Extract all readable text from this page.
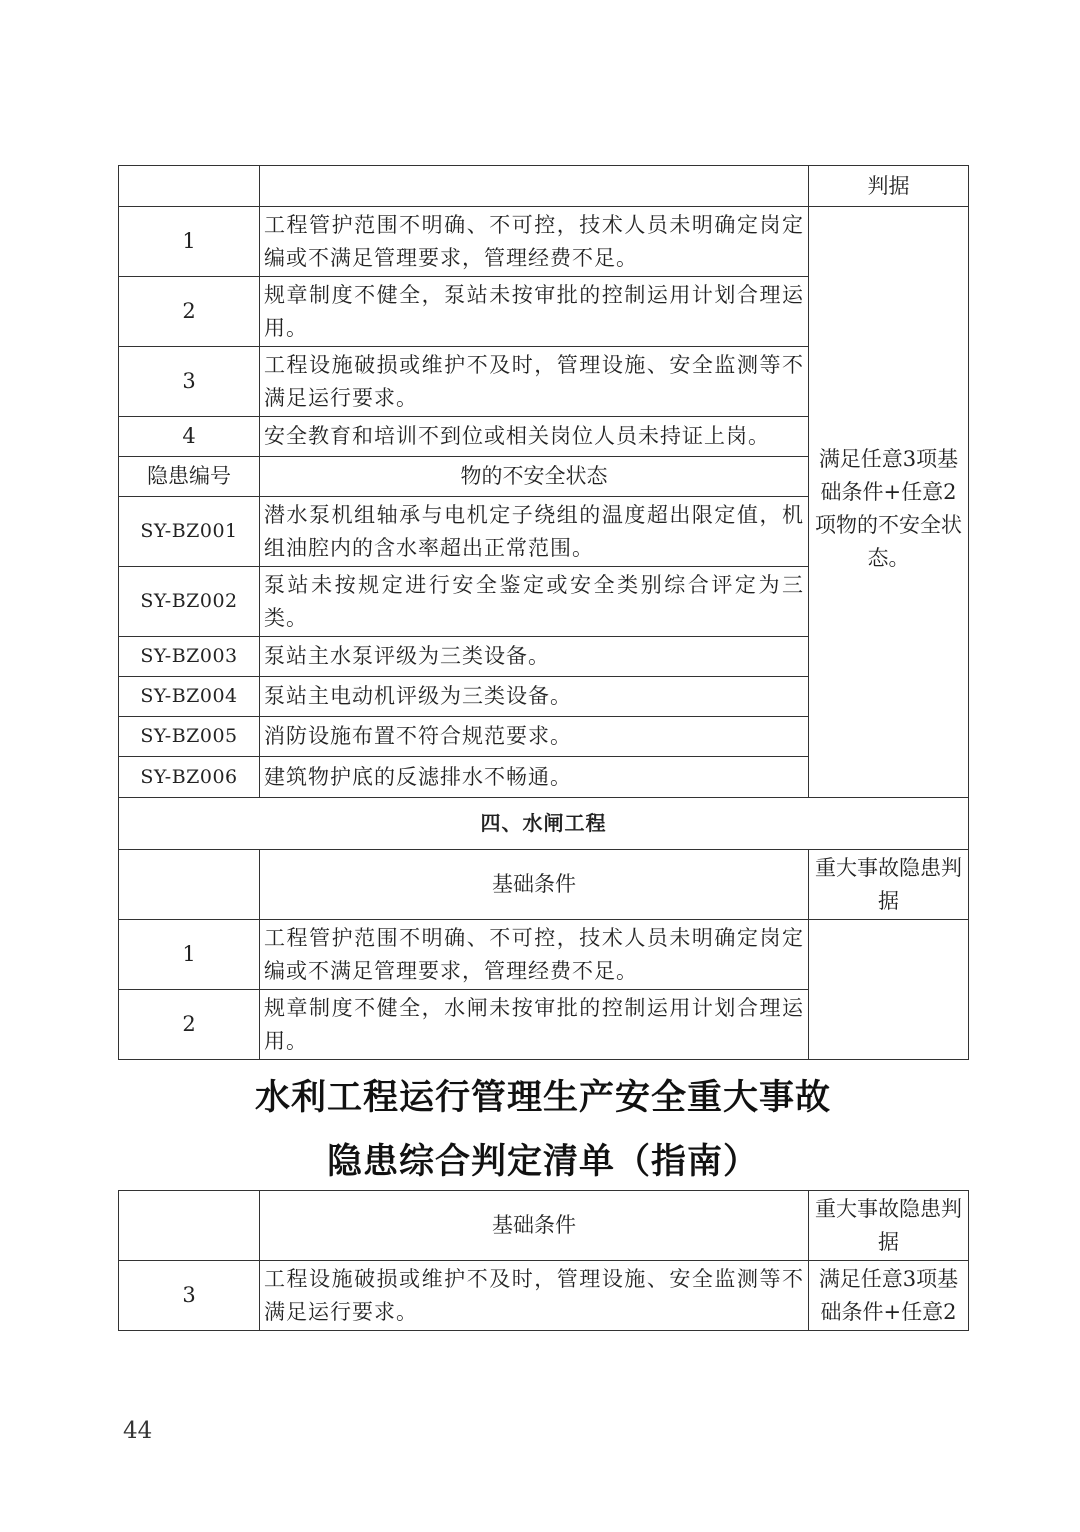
		判据
1	工程管护范围不明确、不可控，技术人员未明确定岗定编或不满足管理要求，管理经费不足。	满足任意3项基础条件+任意2项物的不安全状态。
2	规章制度不健全，泵站未按审批的控制运用计划合理运用。	
3	工程设施破损或维护不及时，管理设施、安全监测等不满足运行要求。	
4	安全教育和培训不到位或相关岗位人员未持证上岗。	
隐患编号	物的不安全状态	
SY-BZ001	潜水泵机组轴承与电机定子绕组的温度超出限定值，机组油腔内的含水率超出正常范围。	
SY-BZ002	泵站未按规定进行安全鉴定或安全类别综合评定为三类。	
SY-BZ003	泵站主水泵评级为三类设备。	
SY-BZ004	泵站主电动机评级为三类设备。	
SY-BZ005	消防设施布置不符合规范要求。	
SY-BZ006	建筑物护底的反滤排水不畅通。	
四、水闸工程		
	基础条件	重大事故隐患判据
1	工程管护范围不明确、不可控，技术人员未明确定岗定编或不满足管理要求，管理经费不足。	
2	规章制度不健全，水闸未按审批的控制运用计划合理运用。	
水利工程运行管理生产安全重大事故
隐患综合判定清单（指南）
	基础条件	重大事故隐患判据
3	工程设施破损或维护不及时，管理设施、安全监测等不满足运行要求。	满足任意3项基础条件+任意2
44
